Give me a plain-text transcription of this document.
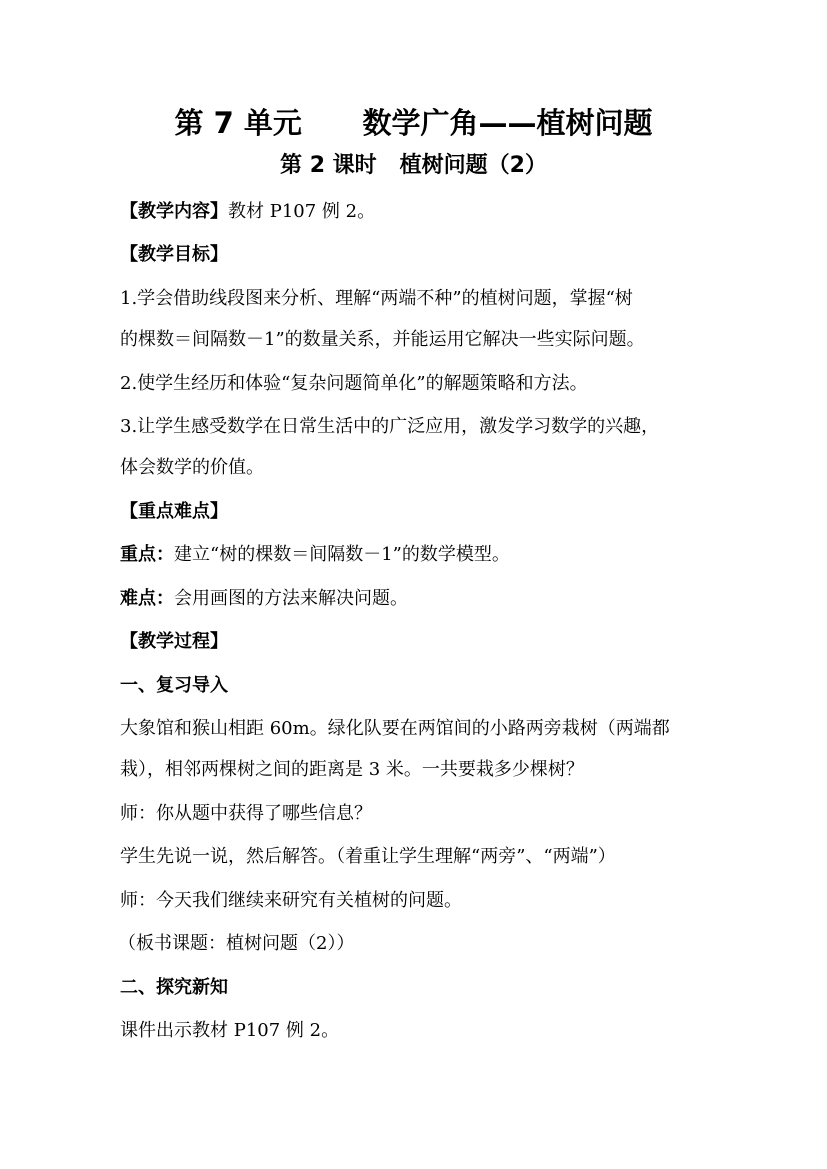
第 7 单元      数学广角——植树问题
第 2 课时   植树问题（2）
【教学内容】教材 P107 例 2。
【教学目标】
1.学会借助线段图来分析、理解“两端不种”的植树问题，掌握“树
的棵数＝间隔数－1”的数量关系，并能运用它解决一些实际问题。
2.使学生经历和体验“复杂问题简单化”的解题策略和方法。
3.让学生感受数学在日常生活中的广泛应用，激发学习数学的兴趣，
体会数学的价值。
【重点难点】
重点：建立“树的棵数＝间隔数－1”的数学模型。
难点：会用画图的方法来解决问题。
【教学过程】
一、复习导入
大象馆和猴山相距 60m。绿化队要在两馆间的小路两旁栽树（两端都
栽），相邻两棵树之间的距离是 3 米。一共要栽多少棵树？
师：你从题中获得了哪些信息？
学生先说一说，然后解答。（着重让学生理解“两旁”、“两端”）
师：今天我们继续来研究有关植树的问题。
（板书课题：植树问题（2））
二、探究新知
课件出示教材 P107 例 2。
